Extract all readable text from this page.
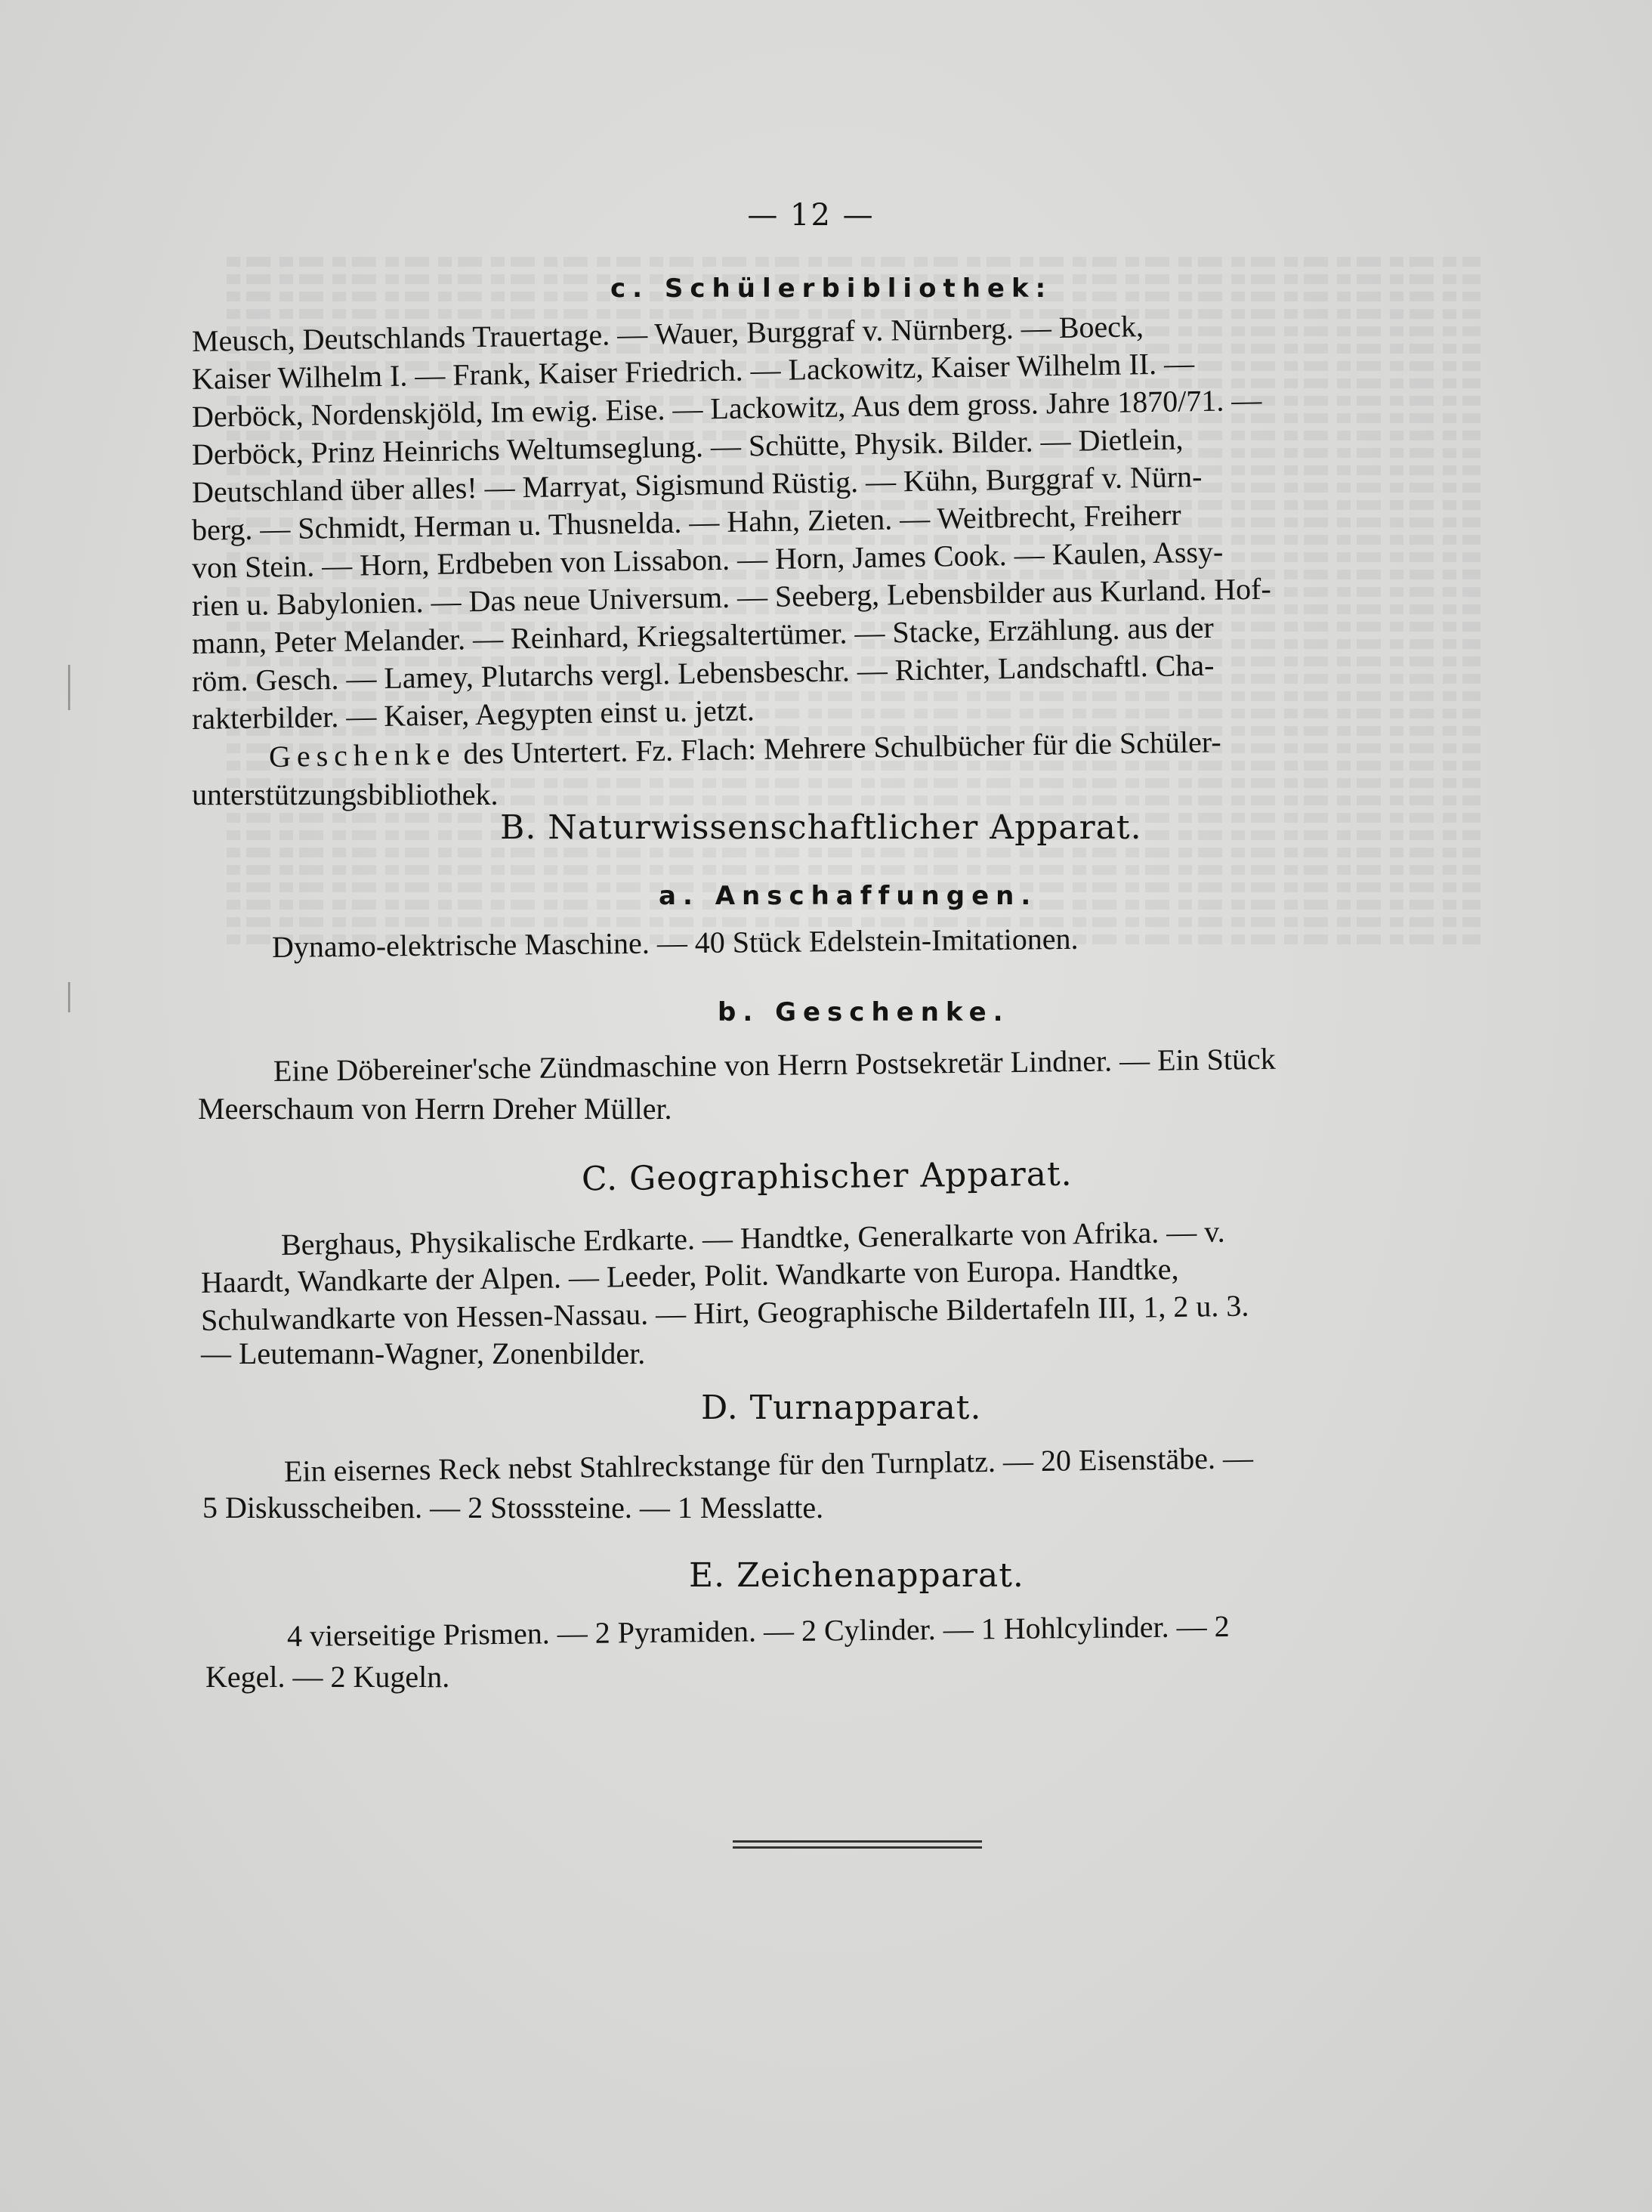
— 12 —
c. Schülerbibliothek:
Meusch, Deutschlands Trauertage. — Wauer, Burggraf v. Nürnberg. — Boeck,
Kaiser Wilhelm I. — Frank, Kaiser Friedrich. — Lackowitz, Kaiser Wilhelm II. —
Derböck, Nordenskjöld, Im ewig. Eise. — Lackowitz, Aus dem gross. Jahre 1870/71. —
Derböck, Prinz Heinrichs Weltumseglung. — Schütte, Physik. Bilder. — Dietlein,
Deutschland über alles! — Marryat, Sigismund Rüstig. — Kühn, Burggraf v. Nürn-
berg. — Schmidt, Herman u. Thusnelda. — Hahn, Zieten. — Weitbrecht, Freiherr
von Stein. — Horn, Erdbeben von Lissabon. — Horn, James Cook. — Kaulen, Assy-
rien u. Babylonien. — Das neue Universum. — Seeberg, Lebensbilder aus Kurland. Hof-
mann, Peter Melander. — Reinhard, Kriegsaltertümer. — Stacke, Erzählung. aus der
röm. Gesch. — Lamey, Plutarchs vergl. Lebensbeschr. — Richter, Landschaftl. Cha-
rakterbilder. — Kaiser, Aegypten einst u. jetzt.
Geschenke des Untertert. Fz. Flach: Mehrere Schulbücher für die Schüler-
unterstützungsbibliothek.
B. Naturwissenschaftlicher Apparat.
a. Anschaffungen.
Dynamo-elektrische Maschine. — 40 Stück Edelstein-Imitationen.
b. Geschenke.
Eine Döbereiner'sche Zündmaschine von Herrn Postsekretär Lindner. — Ein Stück
Meerschaum von Herrn Dreher Müller.
C. Geographischer Apparat.
Berghaus, Physikalische Erdkarte. — Handtke, Generalkarte von Afrika. — v.
Haardt, Wandkarte der Alpen. — Leeder, Polit. Wandkarte von Europa. Handtke,
Schulwandkarte von Hessen-Nassau. — Hirt, Geographische Bildertafeln III, 1, 2 u. 3.
— Leutemann-Wagner, Zonenbilder.
D. Turnapparat.
Ein eisernes Reck nebst Stahlreckstange für den Turnplatz. — 20 Eisenstäbe. —
5 Diskusscheiben. — 2 Stosssteine. — 1 Messlatte.
E. Zeichenapparat.
4 vierseitige Prismen. — 2 Pyramiden. — 2 Cylinder. — 1 Hohlcylinder. — 2
Kegel. — 2 Kugeln.
